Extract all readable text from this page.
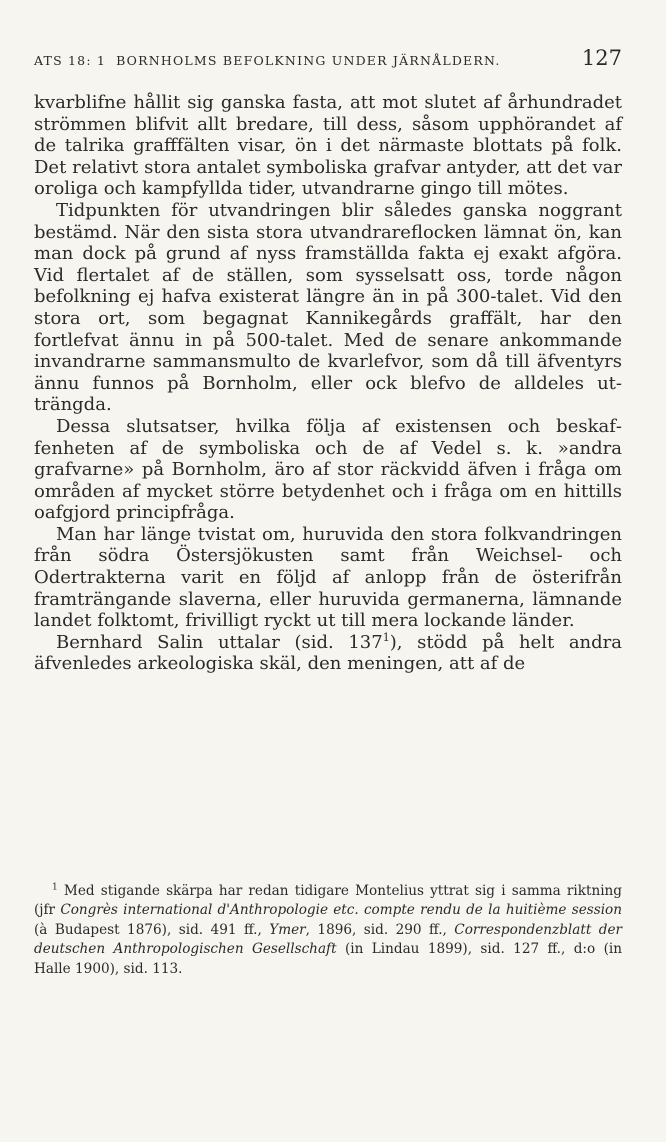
ATS 18: 1 BORNHOLMS BEFOLKNING UNDER JÄRNÅLDERN.	127

kvarblifne hållit sig ganska fasta, att mot slutet af århundradet strömmen blifvit allt bredare, till dess, såsom upphörandet af de talrika grafffälten visar, ön i det närmaste blottats på folk. Det relativt stora antalet symboliska grafvar antyder, att det var oroliga och kampfyllda tider, utvandrarne gingo till mötes.

Tidpunkten för utvandringen blir således ganska noggrant bestämd. När den sista stora utvandrareflocken lämnat ön, kan man dock på grund af nyss framställda fakta ej exakt afgöra. Vid flertalet af de ställen, som sysselsatt oss, torde någon befolkning ej hafva existerat längre än in på 300-talet. Vid den stora ort, som begagnat Kannikegårds graffält, har den fortlefvat ännu in på 500-talet. Med de senare ankommande invandrarne sammansmulto de kvarlefvor, som då till äfventyrs ännu funnos på Bornholm, eller ock blefvo de alldeles utträngda.

Dessa slutsatser, hvilka följa af existensen och beskaffenheten af de symboliska och de af Vedel s. k. »andra grafvarne» på Bornholm, äro af stor räckvidd äfven i fråga om områden af mycket större betydenhet och i fråga om en hittills oafgjord principfråga.

Man har länge tvistat om, huruvida den stora folkvandringen från södra Östersjökusten samt från Weichsel- och Odertrakterna varit en följd af anlopp från de österifrån framträngande slaverna, eller huruvida germanerna, lämnande landet folktomt, frivilligt ryckt ut till mera lockande länder.

Bernhard Salin uttalar (sid. 137$^1$), stödd på helt andra äfvenledes arkeologiska skäl, den meningen, att af de

$^1$ Med stigande skärpa har redan tidigare Montelius yttrat sig i samma riktning (jfr Congrès international d'Anthropologie etc. compte rendu de la huitième session (à Budapest 1876), sid. 491 ff., Ymer, 1896, sid. 290 ff., Correspondenzblatt der deutschen Anthropologischen Gesellschaft (in Lindau 1899), sid. 127 ff., d:o (in Halle 1900), sid. 113.
